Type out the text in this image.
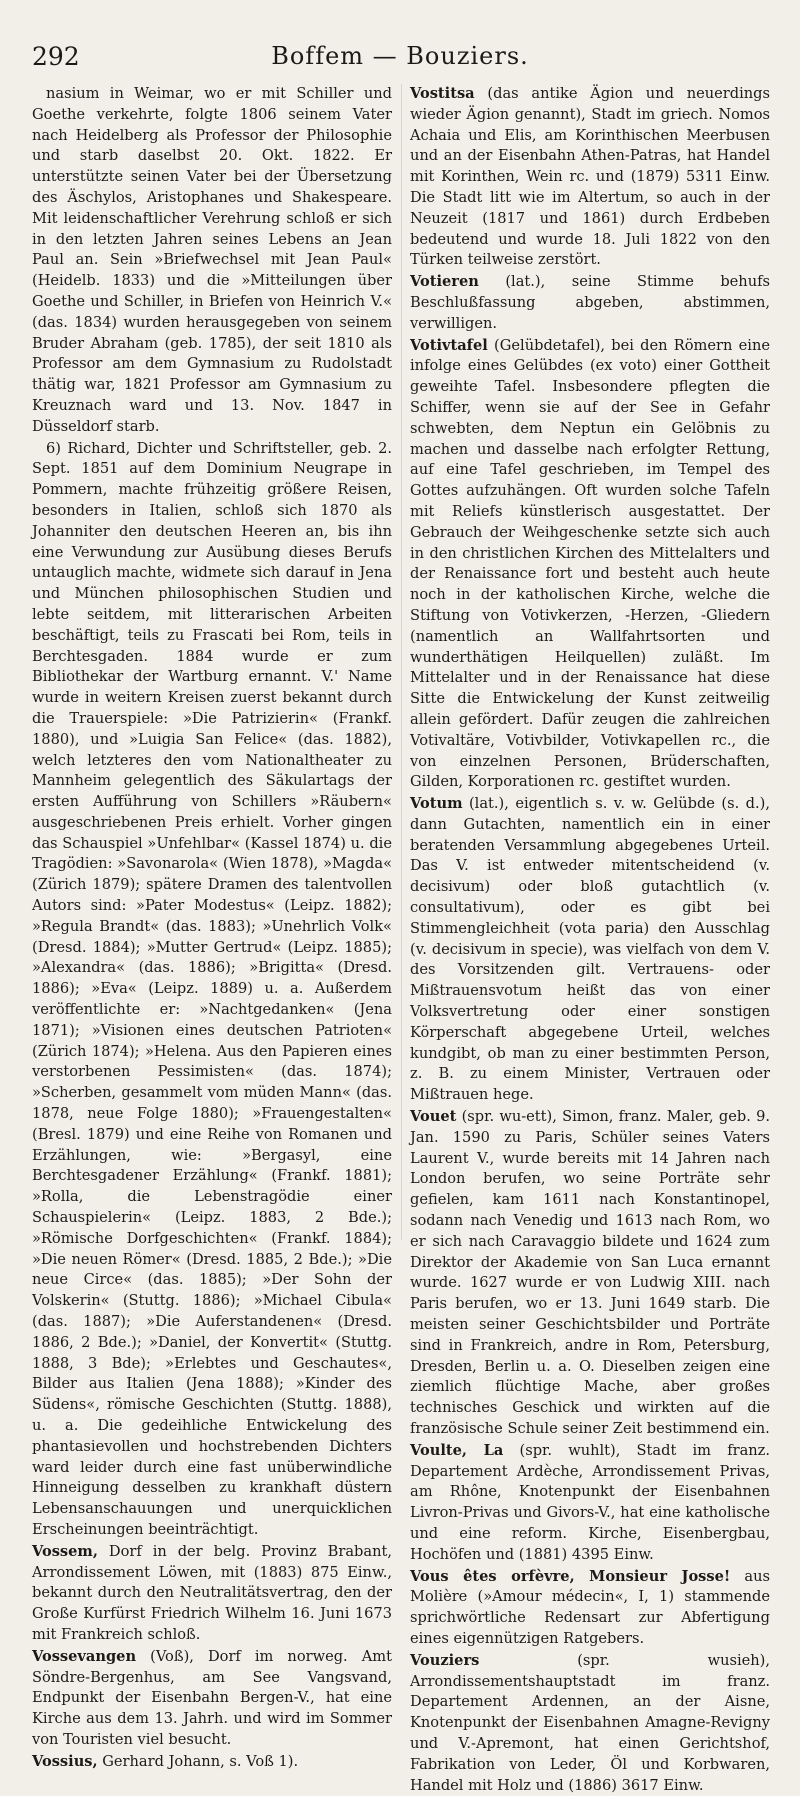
292	Boffem — Bouziers.

nasium in Weimar, wo er mit Schiller und Goethe verkehrte, folgte 1806 seinem Vater nach Heidelberg als Professor der Philosophie und starb daselbst 20. Okt. 1822. Er unterstützte seinen Vater bei der Übersetzung des Äschylos, Aristophanes und Shakespeare. Mit leidenschaftlicher Verehrung schloß er sich in den letzten Jahren seines Lebens an Jean Paul an. Sein »Briefwechsel mit Jean Paul« (Heidelb. 1833) und die »Mitteilungen über Goethe und Schiller, in Briefen von Heinrich V.« (das. 1834) wurden herausgegeben von seinem Bruder Abraham (geb. 1785), der seit 1810 als Professor am dem Gymnasium zu Rudolstadt thätig war, 1821 Professor am Gymnasium zu Kreuznach ward und 13. Nov. 1847 in Düsseldorf starb.

6) Richard, Dichter und Schriftsteller, geb. 2. Sept. 1851 auf dem Dominium Neugrape in Pommern, machte frühzeitig größere Reisen, besonders in Italien, schloß sich 1870 als Johanniter den deutschen Heeren an, bis ihn eine Verwundung zur Ausübung dieses Berufs untauglich machte, widmete sich darauf in Jena und München philosophischen Studien und lebte seitdem, mit litterarischen Arbeiten beschäftigt, teils zu Frascati bei Rom, teils in Berchtesgaden. 1884 wurde er zum Bibliothekar der Wartburg ernannt. V.' Name wurde in weitern Kreisen zuerst bekannt durch die Trauerspiele: »Die Patrizierin« (Frankf. 1880), und »Luigia San Felice« (das. 1882), welch letzteres den vom Nationaltheater zu Mannheim gelegentlich des Säkulartags der ersten Aufführung von Schillers »Räubern« ausgeschriebenen Preis erhielt. Vorher gingen das Schauspiel »Unfehlbar« (Kassel 1874) u. die Tragödien: »Savonarola« (Wien 1878), »Magda« (Zürich 1879); spätere Dramen des talentvollen Autors sind: »Pater Modestus« (Leipz. 1882); »Regula Brandt« (das. 1883); »Unehrlich Volk« (Dresd. 1884); »Mutter Gertrud« (Leipz. 1885); »Alexandra« (das. 1886); »Brigitta« (Dresd. 1886); »Eva« (Leipz. 1889) u. a. Außerdem veröffentlichte er: »Nachtgedanken« (Jena 1871); »Visionen eines deutschen Patrioten« (Zürich 1874); »Helena. Aus den Papieren eines verstorbenen Pessimisten« (das. 1874); »Scherben, gesammelt vom müden Mann« (das. 1878, neue Folge 1880); »Frauengestalten« (Bresl. 1879) und eine Reihe von Romanen und Erzählungen, wie: »Bergasyl, eine Berchtesgadener Erzählung« (Frankf. 1881); »Rolla, die Lebenstragödie einer Schauspielerin« (Leipz. 1883, 2 Bde.); »Römische Dorfgeschichten« (Frankf. 1884); »Die neuen Römer« (Dresd. 1885, 2 Bde.); »Die neue Circe« (das. 1885); »Der Sohn der Volskerin« (Stuttg. 1886); »Michael Cibula« (das. 1887); »Die Auferstandenen« (Dresd. 1886, 2 Bde.); »Daniel, der Konvertit« (Stuttg. 1888, 3 Bde); »Erlebtes und Geschautes«, Bilder aus Italien (Jena 1888); »Kinder des Südens«, römische Geschichten (Stuttg. 1888), u. a. Die gedeihliche Entwickelung des phantasievollen und hochstrebenden Dichters ward leider durch eine fast unüberwindliche Hinneigung desselben zu krankhaft düstern Lebensanschauungen und unerquicklichen Erscheinungen beeinträchtigt.

Vossem, Dorf in der belg. Provinz Brabant, Arrondissement Löwen, mit (1883) 875 Einw., bekannt durch den Neutralitätsvertrag, den der Große Kurfürst Friedrich Wilhelm 16. Juni 1673 mit Frankreich schloß.

Vossevangen (Voß), Dorf im norweg. Amt Söndre-Bergenhus, am See Vangsvand, Endpunkt der Eisenbahn Bergen-V., hat eine Kirche aus dem 13. Jahrh. und wird im Sommer von Touristen viel besucht.

Vossius, Gerhard Johann, s. Voß 1).

Vostitsa (das antike Ägion und neuerdings wieder Ägion genannt), Stadt im griech. Nomos Achaia und Elis, am Korinthischen Meerbusen und an der Eisenbahn Athen-Patras, hat Handel mit Korinthen, Wein rc. und (1879) 5311 Einw. Die Stadt litt wie im Altertum, so auch in der Neuzeit (1817 und 1861) durch Erdbeben bedeutend und wurde 18. Juli 1822 von den Türken teilweise zerstört.

Votieren (lat.), seine Stimme behufs Beschlußfassung abgeben, abstimmen, verwilligen.

Votivtafel (Gelübdetafel), bei den Römern eine infolge eines Gelübdes (ex voto) einer Gottheit geweihte Tafel. Insbesondere pflegten die Schiffer, wenn sie auf der See in Gefahr schwebten, dem Neptun ein Gelöbnis zu machen und dasselbe nach erfolgter Rettung, auf eine Tafel geschrieben, im Tempel des Gottes aufzuhängen. Oft wurden solche Tafeln mit Reliefs künstlerisch ausgestattet. Der Gebrauch der Weihgeschenke setzte sich auch in den christlichen Kirchen des Mittelalters und der Renaissance fort und besteht auch heute noch in der katholischen Kirche, welche die Stiftung von Votivkerzen, -Herzen, -Gliedern (namentlich an Wallfahrtsorten und wunderthätigen Heilquellen) zuläßt. Im Mittelalter und in der Renaissance hat diese Sitte die Entwickelung der Kunst zeitweilig allein gefördert. Dafür zeugen die zahlreichen Votivaltäre, Votivbilder, Votivkapellen rc., die von einzelnen Personen, Brüderschaften, Gilden, Korporationen rc. gestiftet wurden.

Votum (lat.), eigentlich s. v. w. Gelübde (s. d.), dann Gutachten, namentlich ein in einer beratenden Versammlung abgegebenes Urteil. Das V. ist entweder mitentscheidend (v. decisivum) oder bloß gutachtlich (v. consultativum), oder es gibt bei Stimmengleichheit (vota paria) den Ausschlag (v. decisivum in specie), was vielfach von dem V. des Vorsitzenden gilt. Vertrauens- oder Mißtrauensvotum heißt das von einer Volksvertretung oder einer sonstigen Körperschaft abgegebene Urteil, welches kundgibt, ob man zu einer bestimmten Person, z. B. zu einem Minister, Vertrauen oder Mißtrauen hege.

Vouet (spr. wu-ett), Simon, franz. Maler, geb. 9. Jan. 1590 zu Paris, Schüler seines Vaters Laurent V., wurde bereits mit 14 Jahren nach London berufen, wo seine Porträte sehr gefielen, kam 1611 nach Konstantinopel, sodann nach Venedig und 1613 nach Rom, wo er sich nach Caravaggio bildete und 1624 zum Direktor der Akademie von San Luca ernannt wurde. 1627 wurde er von Ludwig XIII. nach Paris berufen, wo er 13. Juni 1649 starb. Die meisten seiner Geschichtsbilder und Porträte sind in Frankreich, andre in Rom, Petersburg, Dresden, Berlin u. a. O. Dieselben zeigen eine ziemlich flüchtige Mache, aber großes technisches Geschick und wirkten auf die französische Schule seiner Zeit bestimmend ein.

Voulte, La (spr. wuhlt), Stadt im franz. Departement Ardèche, Arrondissement Privas, am Rhône, Knotenpunkt der Eisenbahnen Livron-Privas und Givors-V., hat eine katholische und eine reform. Kirche, Eisenbergbau, Hochöfen und (1881) 4395 Einw.

Vous êtes orfèvre, Monsieur Josse! aus Molière (»Amour médecin«, I, 1) stammende sprichwörtliche Redensart zur Abfertigung eines eigennützigen Ratgebers.

Vouziers (spr. wusieh), Arrondissementshauptstadt im franz. Departement Ardennen, an der Aisne, Knotenpunkt der Eisenbahnen Amagne-Revigny und V.-Apremont, hat einen Gerichtshof, Fabrikation von Leder, Öl und Korbwaren, Handel mit Holz und (1886) 3617 Einw.
